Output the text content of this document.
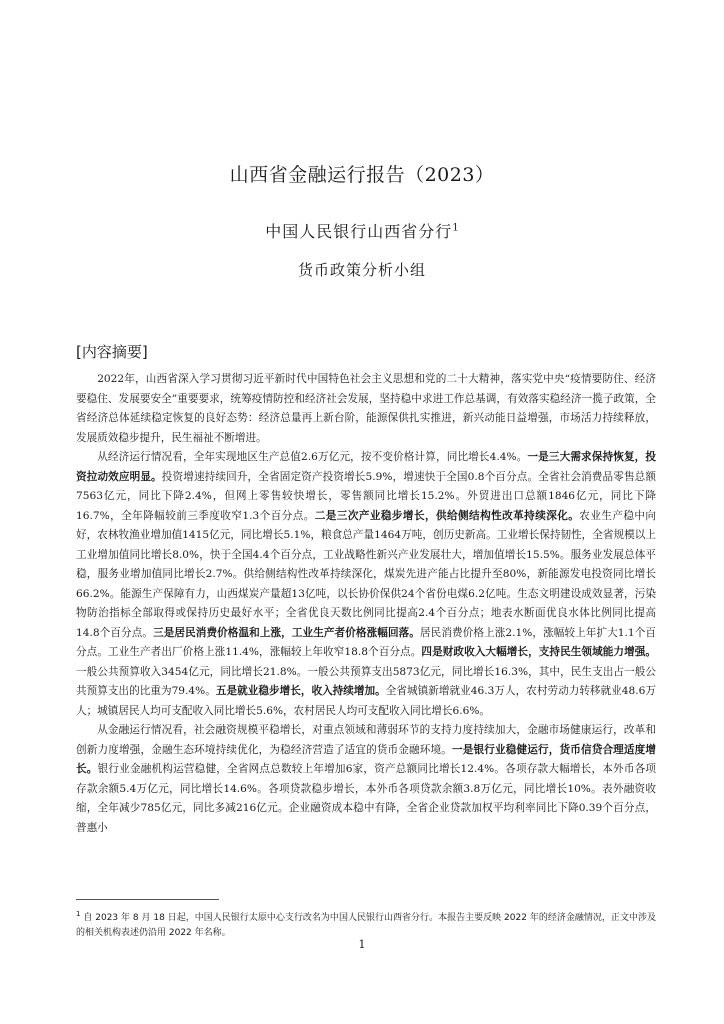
山西省金融运行报告（2023）
中国人民银行山西省分行$^1$
货币政策分析小组
[内容摘要]

2022年，山西省深入学习贯彻习近平新时代中国特色社会主义思想和党的二十大精神，落实党中央“疫情要防住、经济要稳住、发展要安全”重要要求，统筹疫情防控和经济社会发展，坚持稳中求进工作总基调，有效落实稳经济一揽子政策，全省经济总体延续稳定恢复的良好态势：经济总量再上新台阶，能源保供扎实推进，新兴动能日益增强，市场活力持续释放，发展质效稳步提升，民生福祉不断增进。

从经济运行情况看，全年实现地区生产总值2.6万亿元，按不变价格计算，同比增长4.4%。一是三大需求保持恢复，投资拉动效应明显。投资增速持续回升，全省固定资产投资增长5.9%，增速快于全国0.8个百分点。全省社会消费品零售总额7563亿元，同比下降2.4%，但网上零售较快增长，零售额同比增长15.2%。外贸进出口总额1846亿元，同比下降16.7%，全年降幅较前三季度收窄1.3个百分点。二是三次产业稳步增长，供给侧结构性改革持续深化。农业生产稳中向好，农林牧渔业增加值1415亿元，同比增长5.1%，粮食总产量1464万吨，创历史新高。工业增长保持韧性，全省规模以上工业增加值同比增长8.0%，快于全国4.4个百分点，工业战略性新兴产业发展壮大，增加值增长15.5%。服务业发展总体平稳，服务业增加值同比增长2.7%。供给侧结构性改革持续深化，煤炭先进产能占比提升至80%，新能源发电投资同比增长66.2%。能源生产保障有力，山西煤炭产量超13亿吨，以长协价保供24个省份电煤6.2亿吨。生态文明建设成效显著，污染物防治指标全部取得或保持历史最好水平；全省优良天数比例同比提高2.4个百分点；地表水断面优良水体比例同比提高14.8个百分点。三是居民消费价格温和上涨，工业生产者价格涨幅回落。居民消费价格上涨2.1%，涨幅较上年扩大1.1个百分点。工业生产者出厂价格上涨11.4%，涨幅较上年收窄18.8个百分点。四是财政收入大幅增长，支持民生领域能力增强。一般公共预算收入3454亿元，同比增长21.8%。一般公共预算支出5873亿元，同比增长16.3%，其中，民生支出占一般公共预算支出的比重为79.4%。五是就业稳步增长，收入持续增加。全省城镇新增就业46.3万人，农村劳动力转移就业48.6万人；城镇居民人均可支配收入同比增长5.6%，农村居民人均可支配收入同比增长6.6%。

从金融运行情况看，社会融资规模平稳增长，对重点领域和薄弱环节的支持力度持续加大，金融市场健康运行，改革和创新力度增强，金融生态环境持续优化，为稳经济营造了适宜的货币金融环境。一是银行业稳健运行，货币信贷合理适度增长。银行业金融机构运营稳健，全省网点总数较上年增加6家，资产总额同比增长12.4%。各项存款大幅增长，本外币各项存款余额5.4万亿元，同比增长14.6%。各项贷款稳步增长，本外币各项贷款余额3.8万亿元，同比增长10%。表外融资收缩，全年减少785亿元，同比多减216亿元。企业融资成本稳中有降，全省企业贷款加权平均利率同比下降0.39个百分点，普惠小

$^1$ 自 2023 年 8 月 18 日起，中国人民银行太原中心支行改名为中国人民银行山西省分行。本报告主要反映 2022 年的经济金融情况，正文中涉及的相关机构表述仍沿用 2022 年名称。
1
